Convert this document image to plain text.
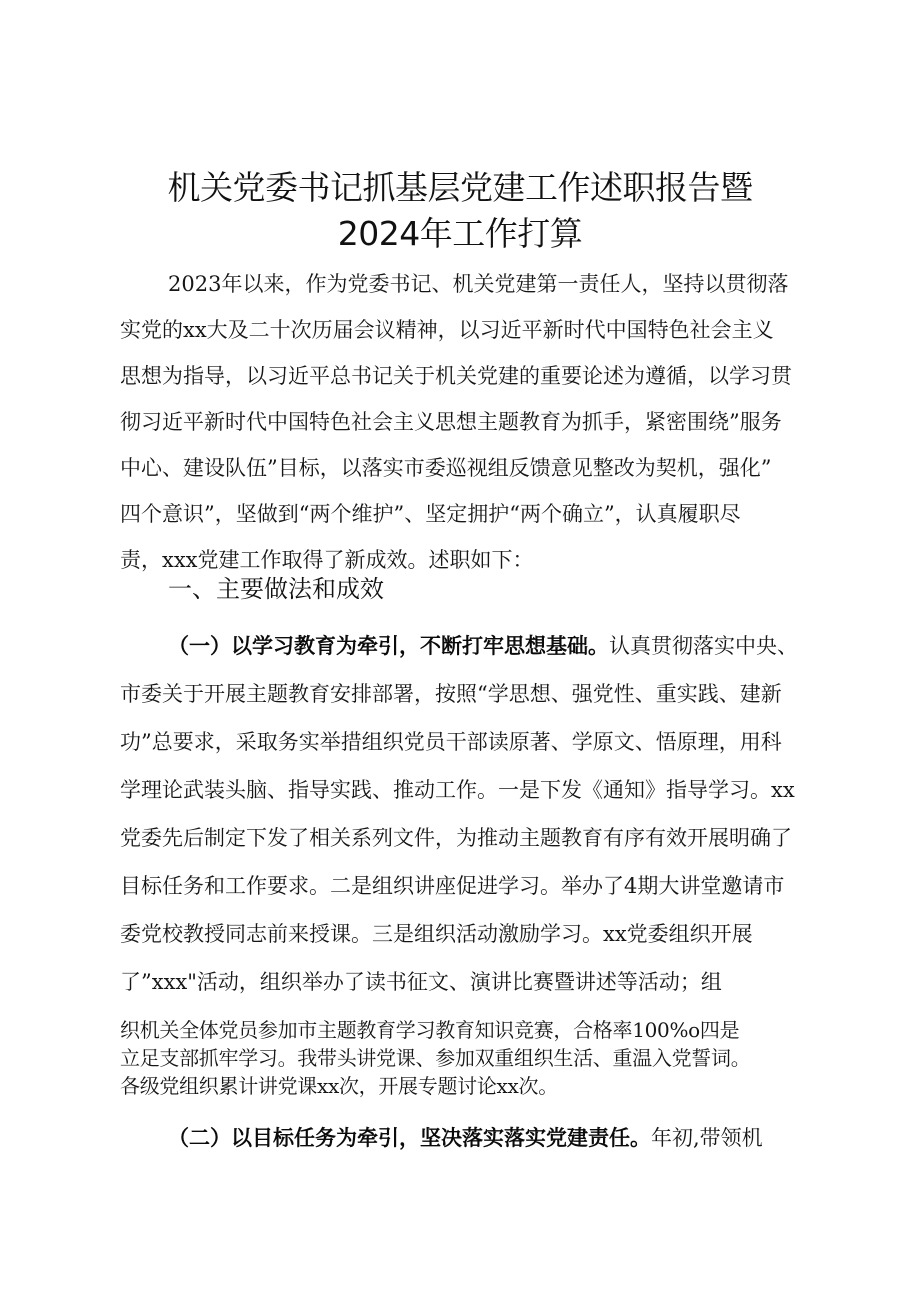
机关党委书记抓基层党建工作述职报告暨
2024年工作打算
2023年以来，作为党委书记、机关党建第一责任人，坚持以贯彻落
实党的xx大及二十次历届会议精神，以习近平新时代中国特色社会主义
思想为指导，以习近平总书记关于机关党建的重要论述为遵循，以学习贯
彻习近平新时代中国特色社会主义思想主题教育为抓手，紧密围绕”服务
中心、建设队伍”目标，以落实市委巡视组反馈意见整改为契机，强化”
四个意识”，坚做到“两个维护”、坚定拥护“两个确立”，认真履职尽
责，xxx党建工作取得了新成效。述职如下：
一、主要做法和成效
（一）以学习教育为牵引，不断打牢思想基础。认真贯彻落实中央、
市委关于开展主题教育安排部署，按照“学思想、强党性、重实践、建新
功”总要求，采取务实举措组织党员干部读原著、学原文、悟原理，用科
学理论武装头脑、指导实践、推动工作。一是下发《通知》指导学习。xx
党委先后制定下发了相关系列文件，为推动主题教育有序有效开展明确了
目标任务和工作要求。二是组织讲座促进学习。举办了4期大讲堂邀请市
委党校教授同志前来授课。三是组织活动激励学习。xx党委组织开展
了”xxx"活动，组织举办了读书征文、演讲比赛暨讲述等活动；组
织机关全体党员参加市主题教育学习教育知识竞赛，合格率100%o四是
立足支部抓牢学习。我带头讲党课、参加双重组织生活、重温入党誓词。
各级党组织累计讲党课xx次，开展专题讨论xx次。
（二）以目标任务为牵引，坚决落实落实党建责任。年初,带领机
